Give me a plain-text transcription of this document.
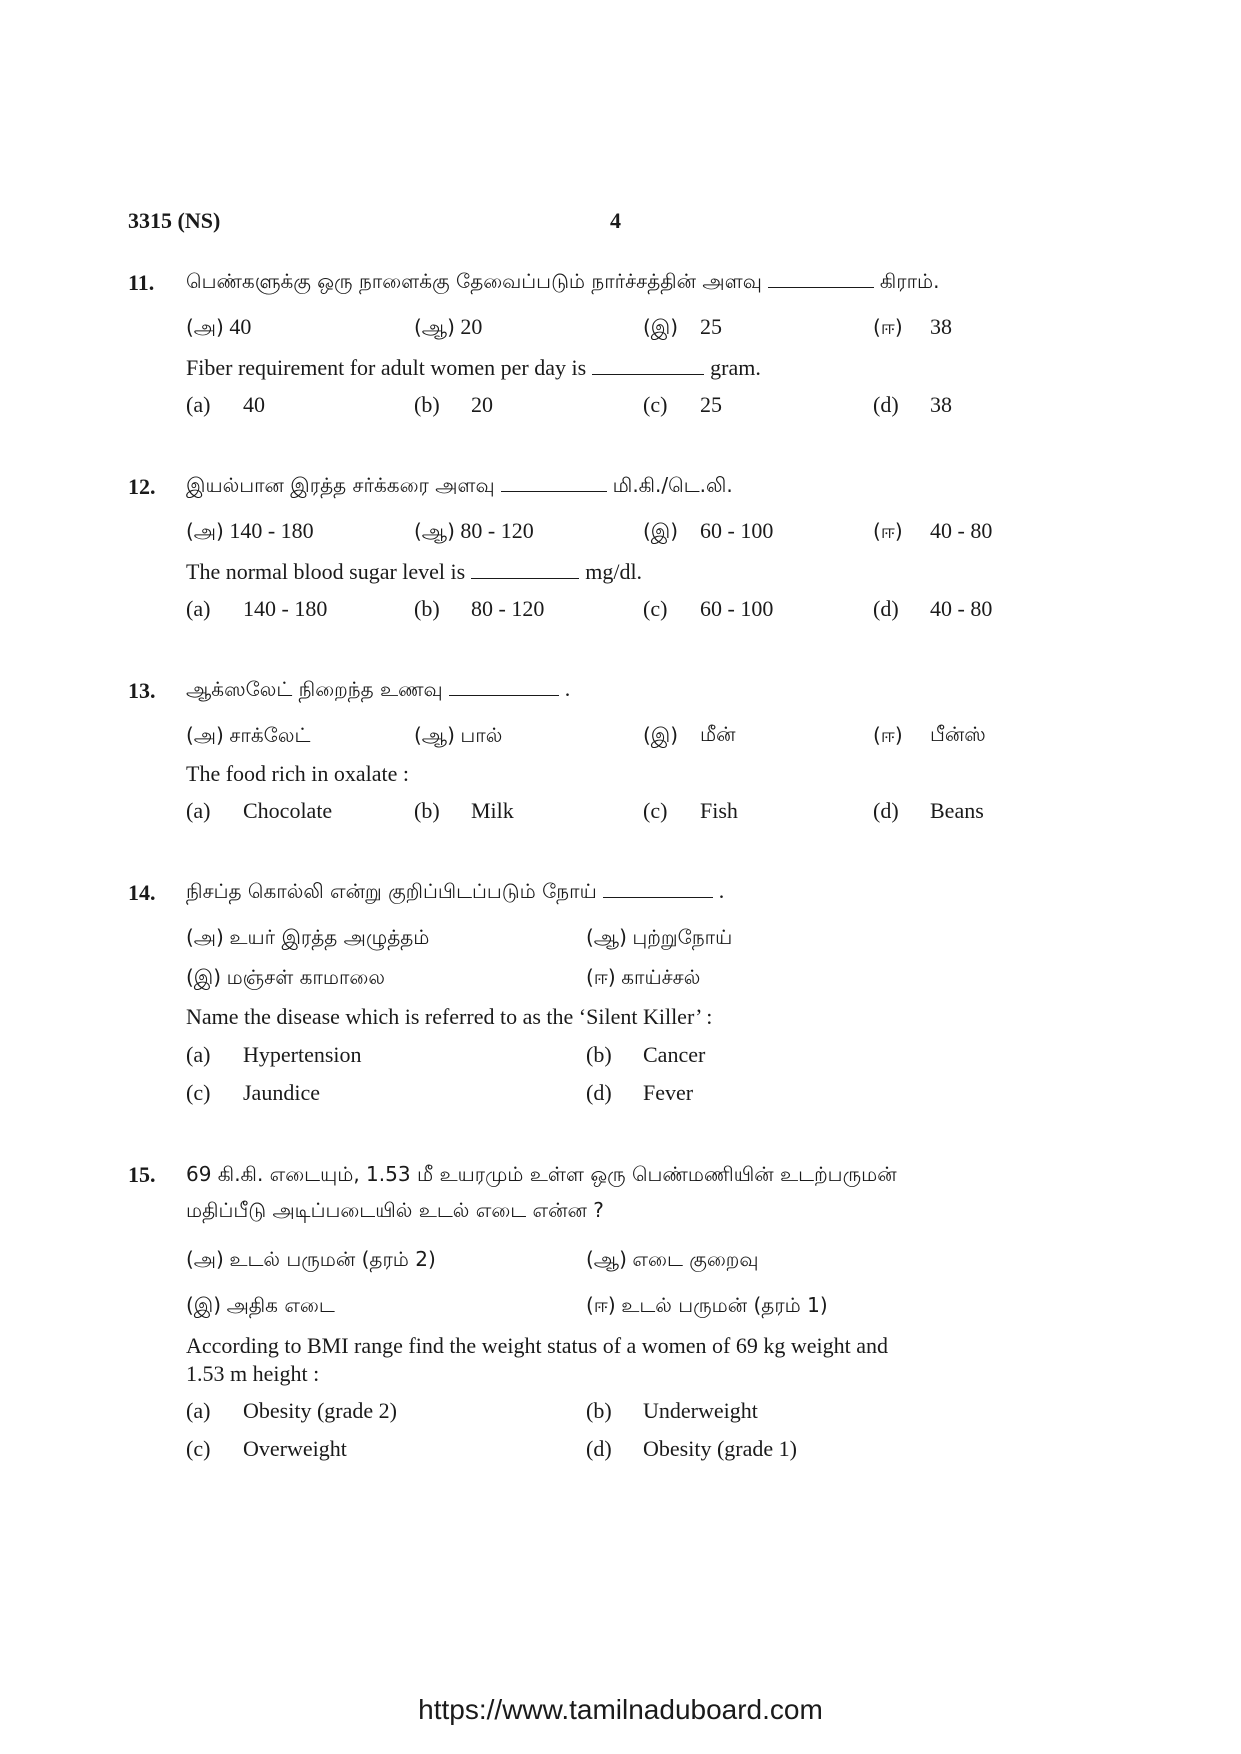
3315 (NS)	4
11. பெண்களுக்கு ஒரு நாளைக்கு தேவைப்படும் நார்ச்சத்தின் அளவு	கிராம்.
(அ) 40	(ஆ) 20	(இ) 25	(ஈ) 38
Fiber requirement for adult women per day is	gram.
(a) 40	(b) 20	(c) 25	(d) 38
12. இயல்பான இரத்த சர்க்கரை அளவு	மி.கி./டெ.லி.
(அ) 140 - 180	(ஆ) 80 - 120	(இ) 60 - 100	(ஈ) 40 - 80
The normal blood sugar level is	mg/dl.
(a) 140 - 180	(b) 80 - 120	(c) 60 - 100	(d) 40 - 80
13. ஆக்ஸலேட் நிறைந்த உணவு	.
(அ) சாக்லேட்	(ஆ) பால்	(இ) மீன்	(ஈ) பீன்ஸ்
The food rich in oxalate :
(a) Chocolate	(b) Milk	(c) Fish	(d) Beans
14. நிசப்த கொல்லி என்று குறிப்பிடப்படும் நோய்	.
(அ) உயர் இரத்த அழுத்தம்	(ஆ) புற்றுநோய்
(இ) மஞ்சள் காமாலை	(ஈ) காய்ச்சல்
Name the disease which is referred to as the ‘Silent Killer’ :
(a) Hypertension	(b) Cancer
(c) Jaundice	(d) Fever
15. 69 கி.கி. எடையும், 1.53 மீ உயரமும் உள்ள ஒரு பெண்மணியின் உடற்பருமன்
மதிப்பீடு அடிப்படையில் உடல் எடை என்ன ?
(அ) உடல் பருமன் (தரம் 2)	(ஆ) எடை குறைவு
(இ) அதிக எடை	(ஈ) உடல் பருமன் (தரம் 1)
According to BMI range find the weight status of a women of 69 kg weight and
1.53 m height :
(a) Obesity (grade 2)	(b) Underweight
(c) Overweight	(d) Obesity (grade 1)
https://www.tamilnaduboard.com
